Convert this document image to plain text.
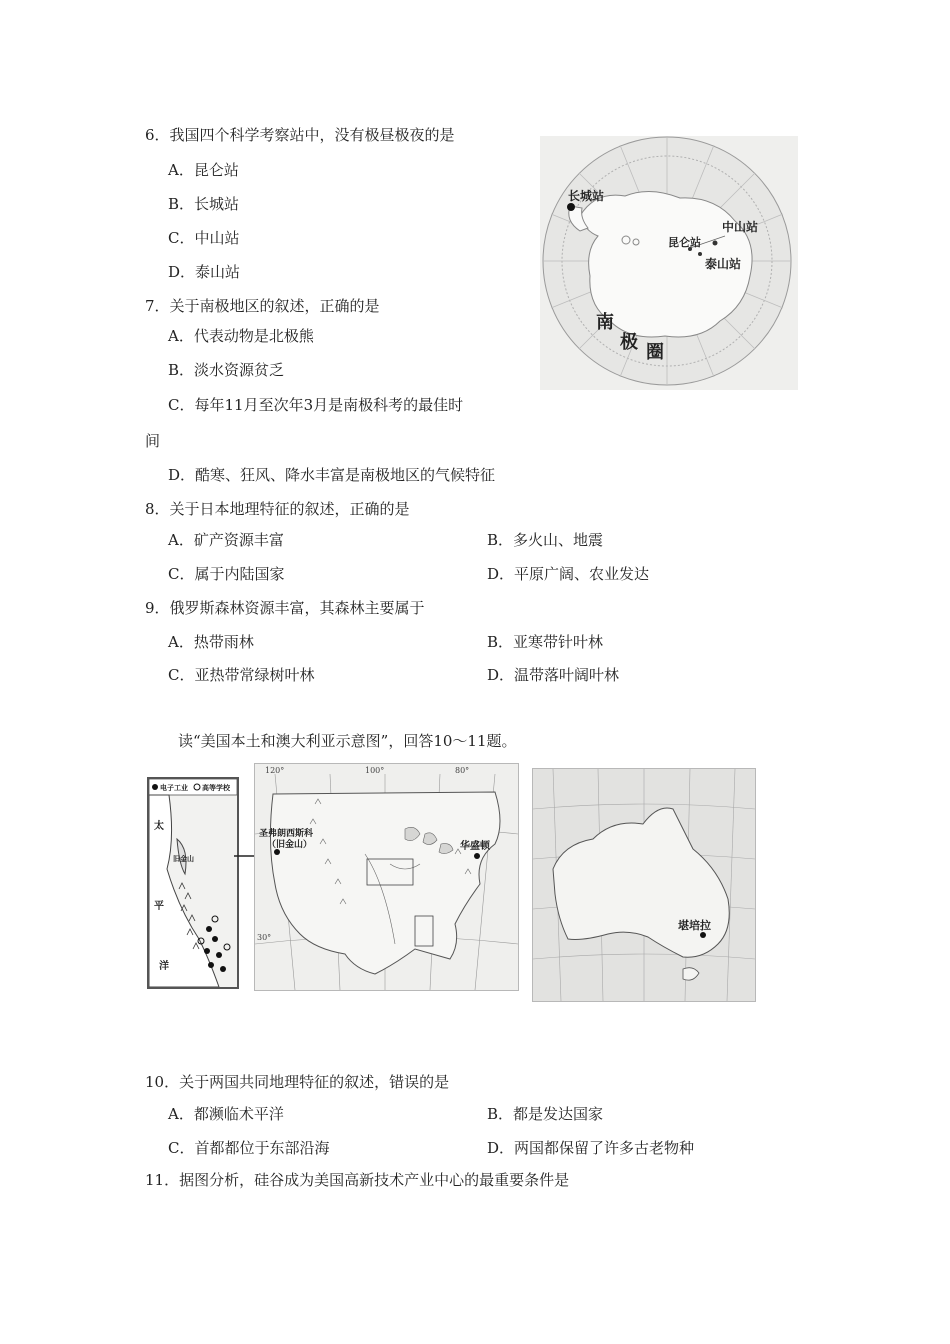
6．我国四个科学考察站中，没有极昼极夜的是
A．昆仑站
B．长城站
C．中山站
D．泰山站
长城站
中山站
昆仑站
泰山站
南
极 圈
7．关于南极地区的叙述，正确的是
A．代表动物是北极熊
B．淡水资源贫乏
C．每年11月至次年3月是南极科考的最佳时
间
D．酷寒、狂风、降水丰富是南极地区的气候特征
8．关于日本地理特征的叙述，正确的是
A．矿产资源丰富	B．多火山、地震
C．属于内陆国家	D．平原广阔、农业发达
9．俄罗斯森林资源丰富，其森林主要属于
A．热带雨林	B．亚寒带针叶林
C．亚热带常绿树叶林	D．温带落叶阔叶林
读“美国本土和澳大利亚示意图”，回答10～11题。
电子工业 高等学校
太
平
洋
旧金山
120°	100°	80°
圣弗朗西斯科
（旧金山）	华盛顿
30°
堪培拉
10．关于两国共同地理特征的叙述，错误的是
A．都濒临术平洋	B．都是发达国家
C．首都都位于东部沿海	D．两国都保留了许多古老物种
11．据图分析，硅谷成为美国高新技术产业中心的最重要条件是
